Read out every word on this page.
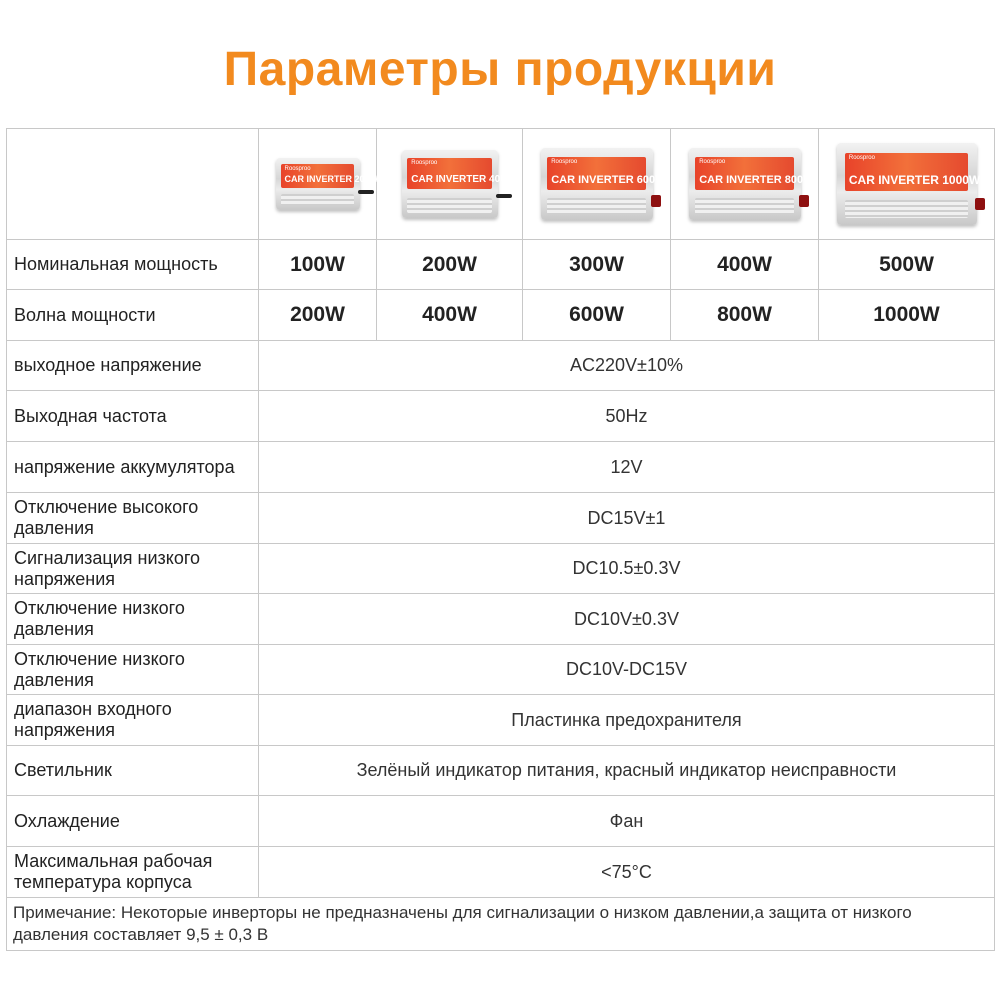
Параметры продукции

	Roosproo
CAR INVERTER 200W	Roosproo
CAR INVERTER 400W	Roosproo
CAR INVERTER 600W	Roosproo
CAR INVERTER 800W	Roosproo
CAR INVERTER 1000W

Номинальная мощность	100W	200W	300W	400W	500W
Волна мощности	200W	400W	600W	800W	1000W
выходное напряжение	AC220V±10%				
Выходная частота	50Hz				
напряжение аккумулятора	12V				
Отключение высокого давления	DC15V±1				
Сигнализация низкого напряжения	DC10.5±0.3V				
Отключение низкого давления	DC10V±0.3V				
Отключение низкого давления	DC10V-DC15V				
диапазон входного напряжения	Пластинка предохранителя				
Светильник	Зелёный индикатор питания, красный индикатор неисправности				
Охлаждение	Фан				
Максимальная рабочая температура корпуса	<75°C				
Примечание: Некоторые инверторы не предназначены для сигнализации о низком давлении,а защита от низкого давления составляет 9,5 ± 0,3 В					
